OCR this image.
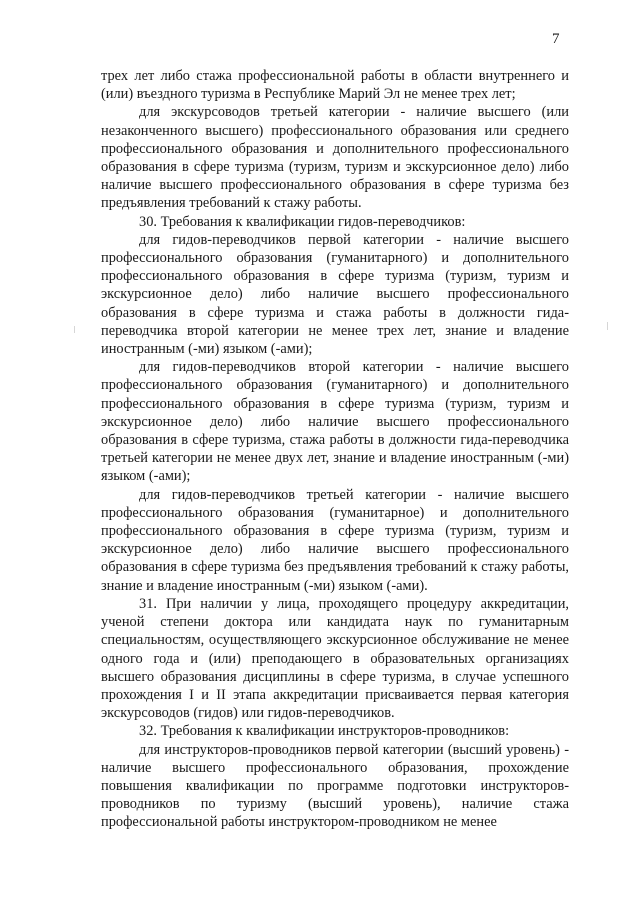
7

трех лет либо стажа профессиональной работы в области внутреннего и (или) въездного туризма в Республике Марий Эл не менее трех лет;

для экскурсоводов третьей категории - наличие высшего (или незаконченного высшего) профессионального образования или среднего профессионального образования и дополнительного профессионального образования в сфере туризма (туризм, туризм и экскурсионное дело) либо наличие высшего профессионального образования в сфере туризма без предъявления требований к стажу работы.

30. Требования к квалификации гидов-переводчиков:

для гидов-переводчиков первой категории - наличие высшего профессионального образования (гуманитарного) и дополнительного профессионального образования в сфере туризма (туризм, туризм и экскурсионное дело) либо наличие высшего профессионального образования в сфере туризма и стажа работы в должности гида-переводчика второй категории не менее трех лет, знание и владение иностранным (-ми) языком (-ами);

для гидов-переводчиков второй категории - наличие высшего профессионального образования (гуманитарного) и дополнительного профессионального образования в сфере туризма (туризм, туризм и экскурсионное дело) либо наличие высшего профессионального образования в сфере туризма, стажа работы в должности гида-переводчика третьей категории не менее двух лет, знание и владение иностранным (-ми) языком (-ами);

для гидов-переводчиков третьей категории - наличие высшего профессионального образования (гуманитарное) и дополнительного профессионального образования в сфере туризма (туризм, туризм и экскурсионное дело) либо наличие высшего профессионального образования в сфере туризма без предъявления требований к стажу работы, знание и владение иностранным (-ми) языком (-ами).

31. При наличии у лица, проходящего процедуру аккредитации, ученой степени доктора или кандидата наук по гуманитарным специальностям, осуществляющего экскурсионное обслуживание не менее одного года и (или) преподающего в образовательных организациях высшего образования дисциплины в сфере туризма, в случае успешного прохождения I и II этапа аккредитации присваивается первая категория экскурсоводов (гидов) или гидов-переводчиков.

32. Требования к квалификации инструкторов-проводников:

для инструкторов-проводников первой категории (высший уровень) - наличие высшего профессионального образования, прохождение повышения квалификации по программе подготовки инструкторов-проводников по туризму (высший уровень), наличие стажа профессиональной работы инструктором-проводником не менее
